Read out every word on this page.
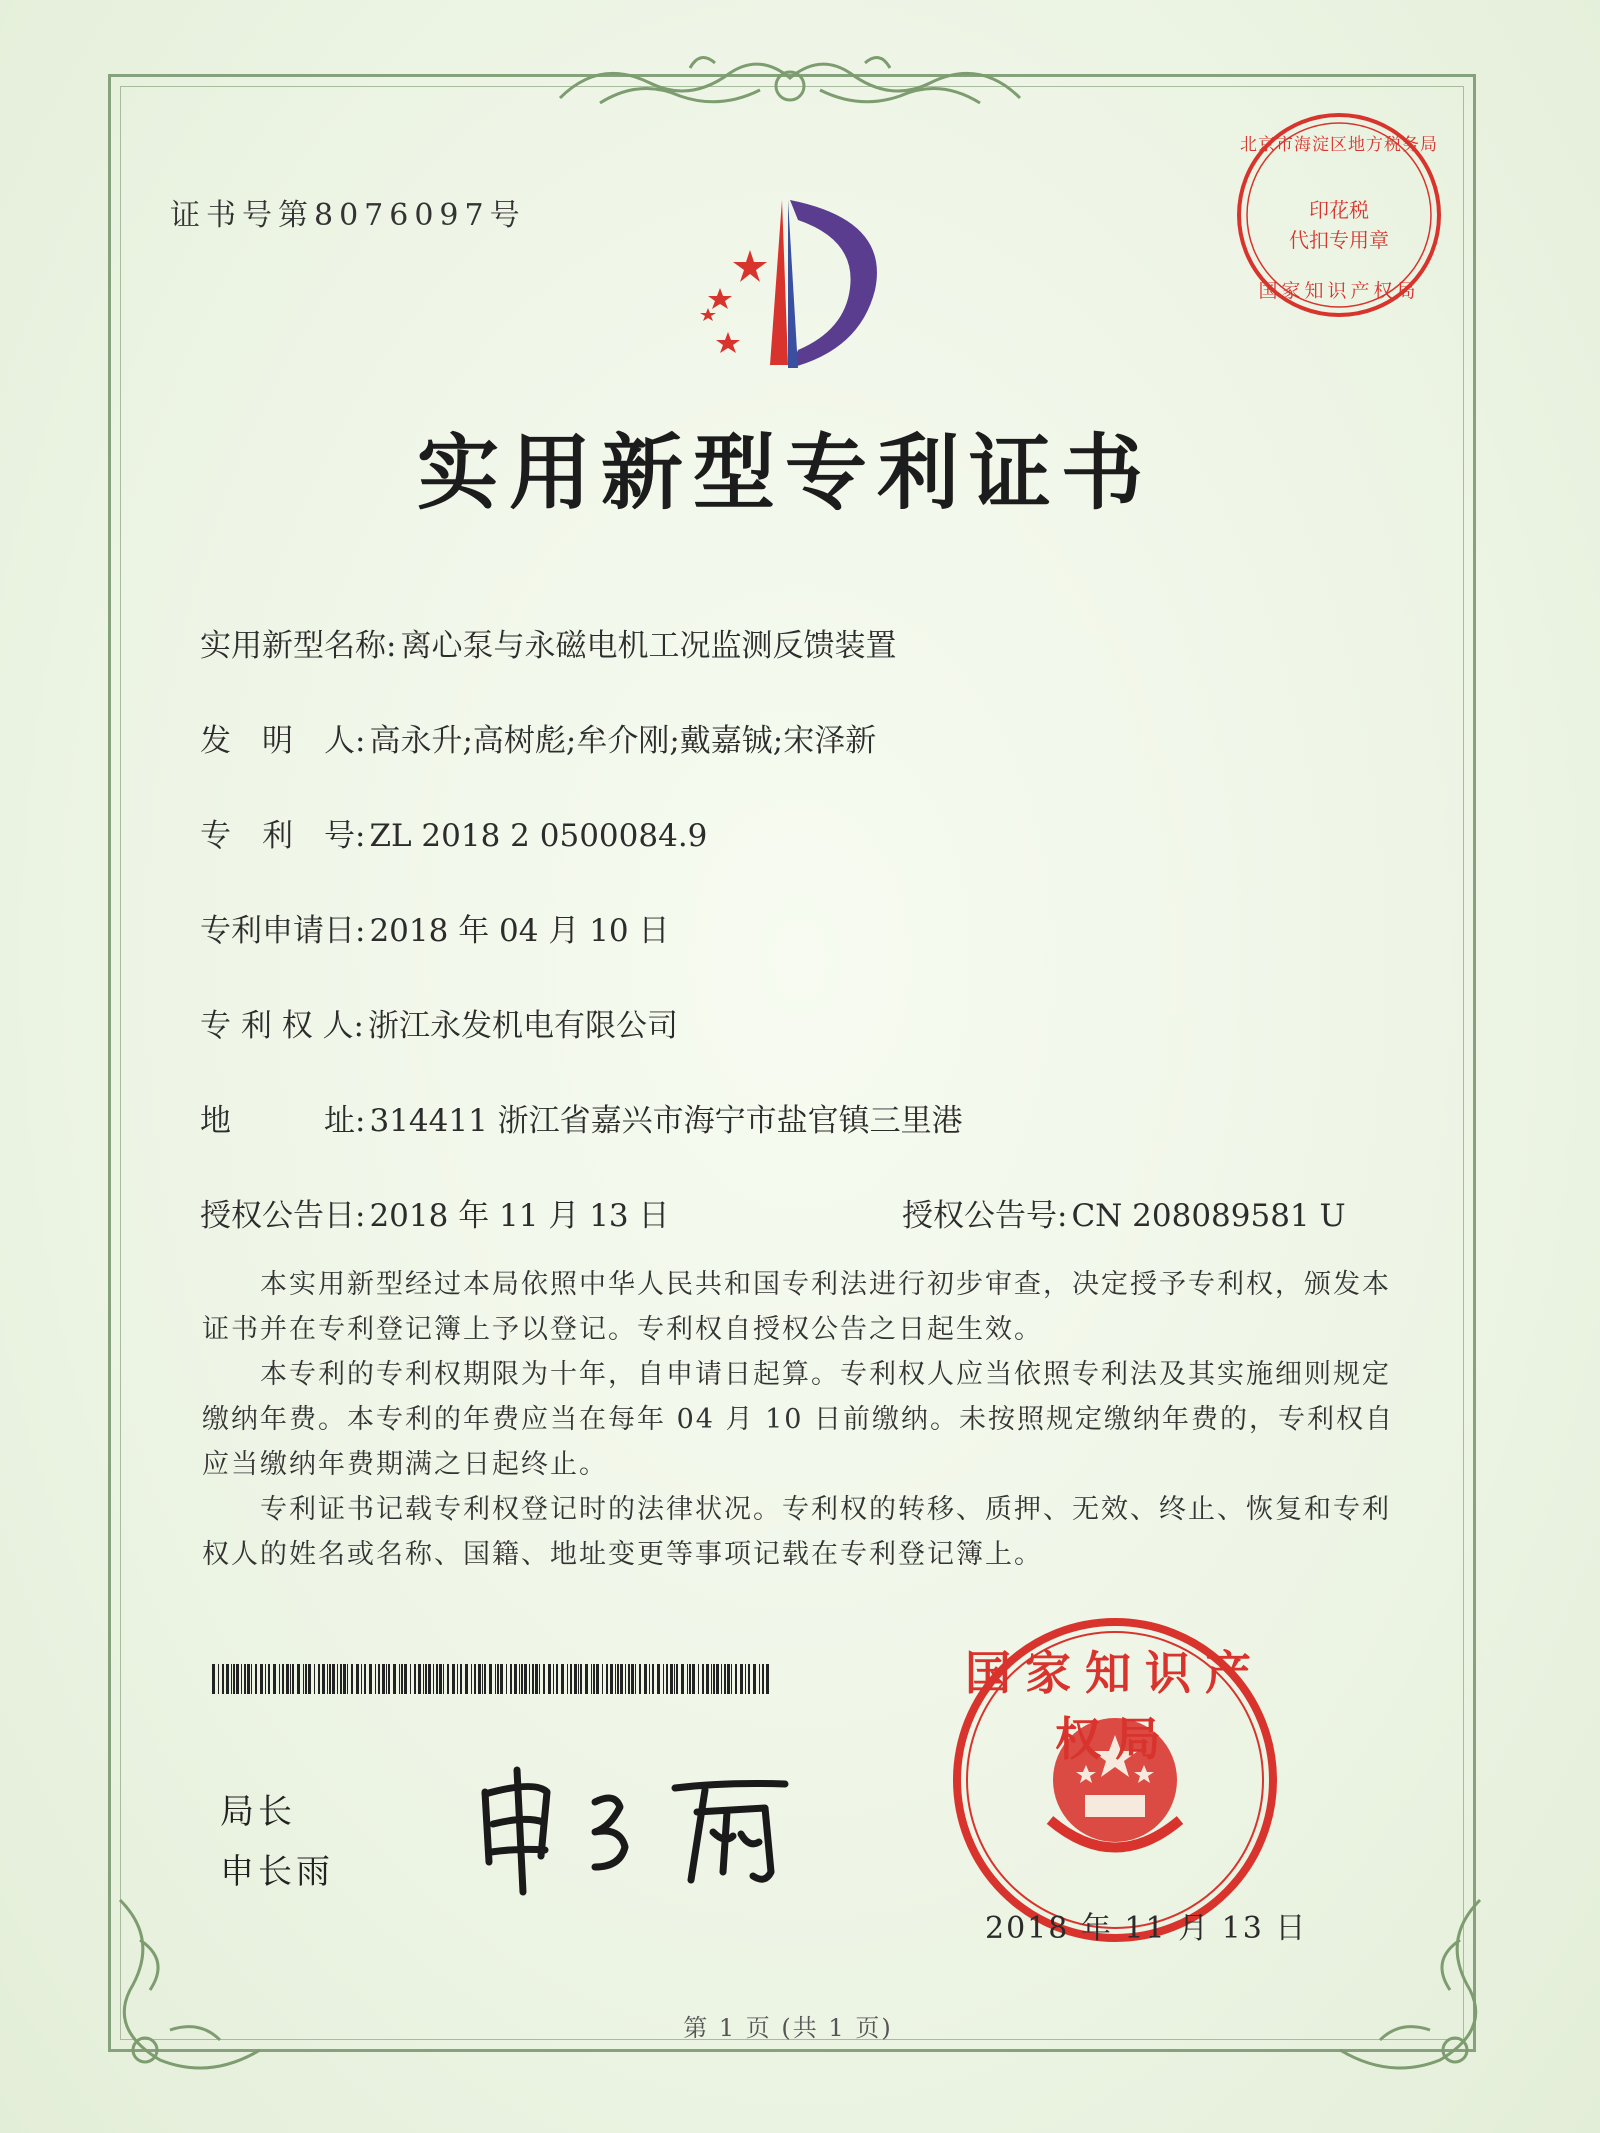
证书号第8076097号
北京市海淀区地方税务局
印花税
代扣专用章
国家知识产权局
实用新型专利证书
实用新型名称: 离心泵与永磁电机工况监测反馈装置
发　明　人: 高永升;高树彪;牟介刚;戴嘉铖;宋泽新
专　利　号: ZL 2018 2 0500084.9
专利申请日: 2018 年 04 月 10 日
专 利 权 人: 浙江永发机电有限公司
地　　　址: 314411 浙江省嘉兴市海宁市盐官镇三里港
授权公告日: 2018 年 11 月 13 日	授权公告号: CN 208089581 U

本实用新型经过本局依照中华人民共和国专利法进行初步审查，决定授予专利权，颁发本证书并在专利登记簿上予以登记。专利权自授权公告之日起生效。

本专利的专利权期限为十年，自申请日起算。专利权人应当依照专利法及其实施细则规定缴纳年费。本专利的年费应当在每年 04 月 10 日前缴纳。未按照规定缴纳年费的，专利权自应当缴纳年费期满之日起终止。

专利证书记载专利权登记时的法律状况。专利权的转移、质押、无效、终止、恢复和专利权人的姓名或名称、国籍、地址变更等事项记载在专利登记簿上。

局长
申长雨
国家知识产权局
2018 年 11 月 13 日
第 1 页 (共 1 页)
